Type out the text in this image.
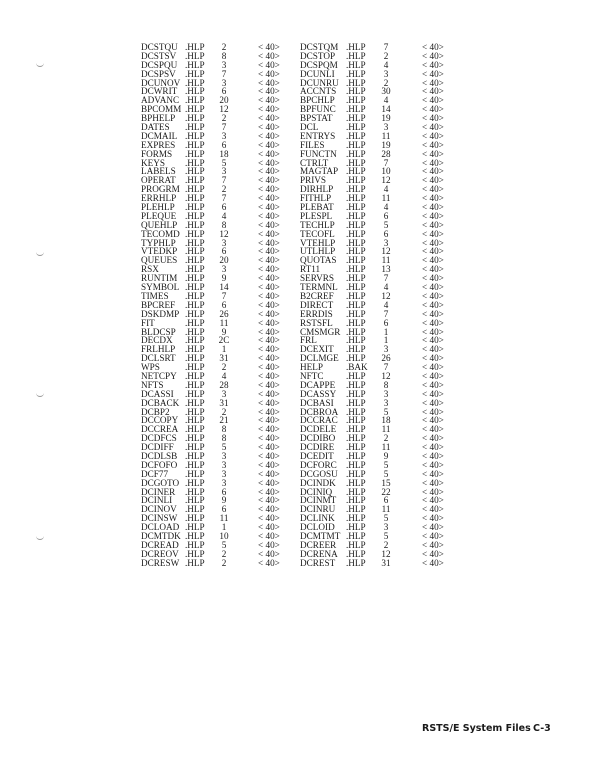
DCSTQU .HLP	2	< 40> DCSTQM .HLP	7	< 40>
DCSTSV .HLP	8	< 40> DCSTOP .HLP	2	< 40>
DCSPQU .HLP	3	< 40> DCSPQM .HLP	4	< 40>
DCSPSV .HLP	7	< 40> DCUNLI .HLP	3	< 40>
DCUNOV .HLP	3	< 40> DCUNRU .HLP	2	< 40>
DCWRIT .HLP	6	< 40> ACCNTS .HLP	30	< 40>
ADVANC .HLP	20	< 40> BPCHLP .HLP	4	< 40>
BPCOMM .HLP	12	< 40> BPFUNC .HLP	14	< 40>
BPHELP .HLP	2	< 40> BPSTAT .HLP	19	< 40>
DATES .HLP	7	< 40> DCL	.HLP	3	< 40>
DCMAIL .HLP	3	< 40> ENTRYS .HLP	11	< 40>
EXPRES .HLP	6	< 40> FILES .HLP	19	< 40>
FORMS .HLP	18	< 40> FUNCTN .HLP	28	< 40>
KEYS .HLP	5	< 40> CTRLT .HLP	7	< 40>
LABELS .HLP	3	< 40> MAGTAP .HLP	10	< 40>
OPERAT .HLP	7	< 40> PRIVS .HLP	12	< 40>
PROGRM .HLP	2	< 40> DIRHLP .HLP	4	< 40>
ERRHLP .HLP	7	< 40> FITHLP .HLP	11	< 40>
PLEHLP .HLP	6	< 40> PLEBAT .HLP	4	< 40>
PLEQUE .HLP	4	< 40> PLESPL .HLP	6	< 40>
QUEHLP .HLP	8	< 40> TECHLP .HLP	5	< 40>
TECOMD .HLP	12	< 40> TECOFL .HLP	6	< 40>
TYPHLP .HLP	3	< 40> VTEHLP .HLP	3	< 40>
VTEDKP .HLP	6	< 40> UTLHLP .HLP	12	< 40>
QUEUES .HLP	20	< 40> QUOTAS .HLP	11	< 40>
RSX	.HLP	3	< 40> RT11	.HLP	13	< 40>
RUNTIM .HLP	9	< 40> SERVRS .HLP	7	< 40>
SYMBOL .HLP	14	< 40> TERMNL .HLP	4	< 40>
TIMES .HLP	7	< 40> B2CREF .HLP	12	< 40>
BPCREF .HLP	6	< 40> DIRECT .HLP	4	< 40>
DSKDMP .HLP	26	< 40> ERRDIS .HLP	7	< 40>
FIT	.HLP	11	< 40> RSTSFL .HLP	6	< 40>
BLDCSP .HLP	9	< 40> CMSMGR .HLP	1	< 40>
DECDX .HLP	2C	< 40> FRL	.HLP	1	< 40>
FRLHLP .HLP	1	< 40> DCEXIT .HLP	3	< 40>
DCLSRT .HLP	31	< 40> DCLMGE .HLP	26	< 40>
WPS	.HLP	2	< 40> HELP	.BAK	7	< 40>
NETCPY .HLP	4	< 40> NFTC .HLP	12	< 40>
NFTS .HLP	28	< 40> DCAPPE .HLP	8	< 40>
DCASSI .HLP	3	< 40> DCASSY .HLP	3	< 40>
DCBACK .HLP	31	< 40> DCBASI .HLP	3	< 40>
DCBP2 .HLP	2	< 40> DCBROA .HLP	5	< 40>
DCCOPY .HLP	21	< 40> DCCRAC .HLP	18	< 40>
DCCREA .HLP	8	< 40> DCDELE .HLP	11	< 40>
DCDFCS .HLP	8	< 40> DCDIBO .HLP	2	< 40>
DCDIFF .HLP	5	< 40> DCDIRE .HLP	11	< 40>
DCDLSB .HLP	3	< 40> DCEDIT .HLP	9	< 40>
DCFOFO .HLP	3	< 40> DCFORC .HLP	5	< 40>
DCF77 .HLP	3	< 40> DCGOSU .HLP	5	< 40>
DCGOTO .HLP	3	< 40> DCINDK .HLP	15	< 40>
DCINER .HLP	6	< 40> DCINIQ .HLP	22	< 40>
DCINLI .HLP	9	< 40> DCINMT .HLP	6	< 40>
DCINOV .HLP	6	< 40> DCINRU .HLP	11	< 40>
DCINSW .HLP	11	< 40> DCLINK .HLP	5	< 40>
DCLOAD .HLP	1	< 40> DCLOID .HLP	3	< 40>
DCMTDK .HLP	10	< 40> DCMTMT .HLP	5	< 40>
DCREAD .HLP	5	< 40> DCREER .HLP	2	< 40>
DCREOV .HLP	2	< 40> DCRENA .HLP	12	< 40>
DCRESW .HLP	2	< 40> DCREST .HLP	31	< 40>
RSTS/E System Files C-3
